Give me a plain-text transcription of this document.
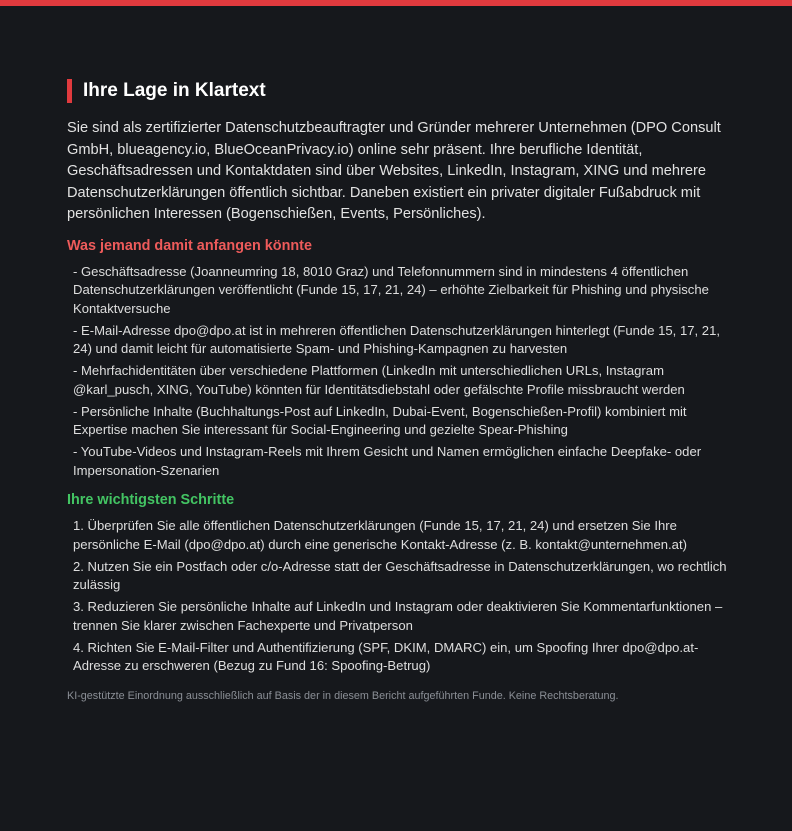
Ihre Lage in Klartext

Sie sind als zertifizierter Datenschutzbeauftragter und Gründer mehrerer Unternehmen (DPO Consult GmbH, blueagency.io, BlueOceanPrivacy.io) online sehr präsent. Ihre berufliche Identität, Geschäftsadressen und Kontaktdaten sind über Websites, LinkedIn, Instagram, XING und mehrere Datenschutzerklärungen öffentlich sichtbar. Daneben existiert ein privater digitaler Fußabdruck mit persönlichen Interessen (Bogenschießen, Events, Persönliches).

Was jemand damit anfangen könnte
- Geschäftsadresse (Joanneumring 18, 8010 Graz) und Telefonnummern sind in mindestens 4 öffentlichen Datenschutzerklärungen veröffentlicht (Funde 15, 17, 21, 24) – erhöhte Zielbarkeit für Phishing und physische Kontaktversuche
- E-Mail-Adresse dpo@dpo.at ist in mehreren öffentlichen Datenschutzerklärungen hinterlegt (Funde 15, 17, 21, 24) und damit leicht für automatisierte Spam- und Phishing-Kampagnen zu harvesten
- Mehrfachidentitäten über verschiedene Plattformen (LinkedIn mit unterschiedlichen URLs, Instagram @karl_pusch, XING, YouTube) könnten für Identitätsdiebstahl oder gefälschte Profile missbraucht werden
- Persönliche Inhalte (Buchhaltungs-Post auf LinkedIn, Dubai-Event, Bogenschießen-Profil) kombiniert mit Expertise machen Sie interessant für Social-Engineering und gezielte Spear-Phishing
- YouTube-Videos und Instagram-Reels mit Ihrem Gesicht und Namen ermöglichen einfache Deepfake- oder Impersonation-Szenarien
Ihre wichtigsten Schritte
1. Überprüfen Sie alle öffentlichen Datenschutzerklärungen (Funde 15, 17, 21, 24) und ersetzen Sie Ihre persönliche E-Mail (dpo@dpo.at) durch eine generische Kontakt-Adresse (z. B. kontakt@unternehmen.at)
2. Nutzen Sie ein Postfach oder c/o-Adresse statt der Geschäftsadresse in Datenschutzerklärungen, wo rechtlich zulässig
3. Reduzieren Sie persönliche Inhalte auf LinkedIn und Instagram oder deaktivieren Sie Kommentarfunktionen – trennen Sie klarer zwischen Fachexperte und Privatperson
4. Richten Sie E-Mail-Filter und Authentifizierung (SPF, DKIM, DMARC) ein, um Spoofing Ihrer dpo@dpo.at-Adresse zu erschweren (Bezug zu Fund 16: Spoofing-Betrug)

KI-gestützte Einordnung ausschließlich auf Basis der in diesem Bericht aufgeführten Funde. Keine Rechtsberatung.
